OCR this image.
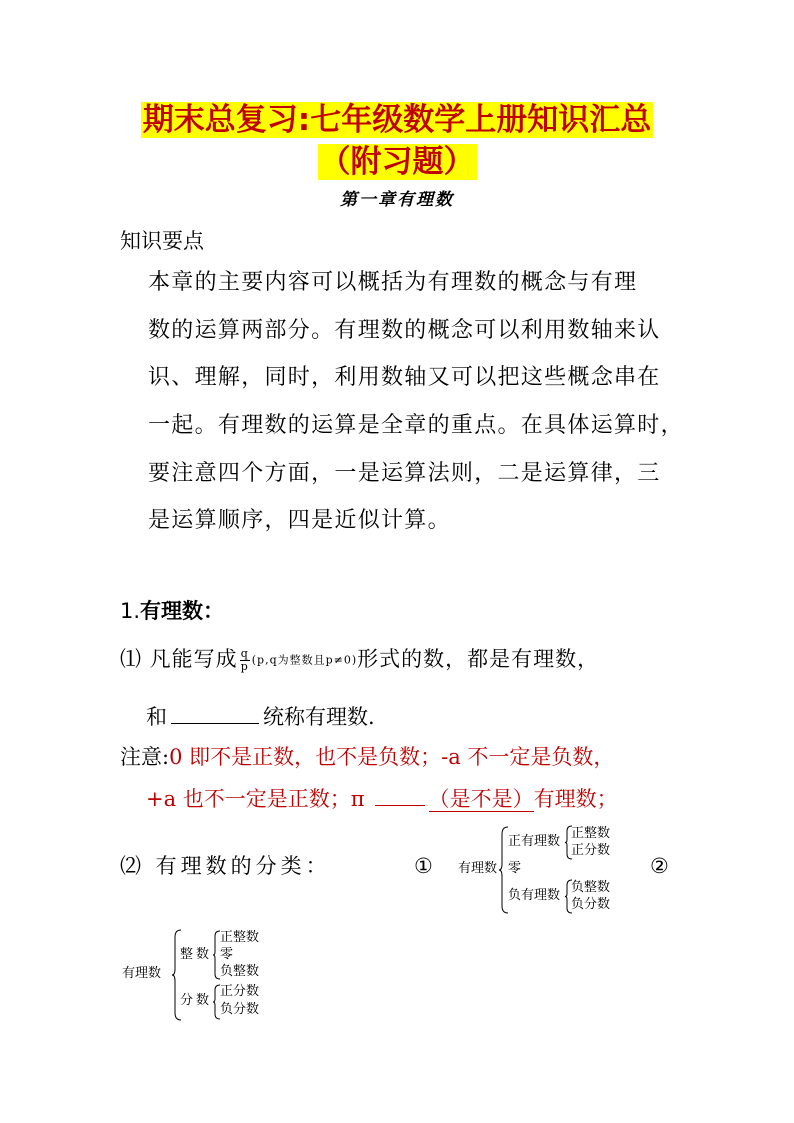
期末总复习:七年级数学上册知识汇总
（附习题）
第一章有理数
知识要点
本章的主要内容可以概括为有理数的概念与有理
数的运算两部分。有理数的概念可以利用数轴来认
识、理解，同时，利用数轴又可以把这些概念串在
一起。有理数的运算是全章的重点。在具体运算时，
要注意四个方面，一是运算法则，二是运算律，三
是运算顺序，四是近似计算。
1.有理数：
⑴ 凡能写成 $\frac{q}{p} (p,q$为整数且p≠0)形式的数，都是有理数，
和	统称有理数.
注意:0 即不是正数，也不是负数；-a 不一定是负数，
+a 也不一定是正数；π	（是不是）有理数；
⑵ 有理数的分类：	①	②
有理数
正有理数
正整数
正分数
零
负有理数
负整数
负分数
有理数
整数
正整数
零
负整数
分数
正分数
负分数
